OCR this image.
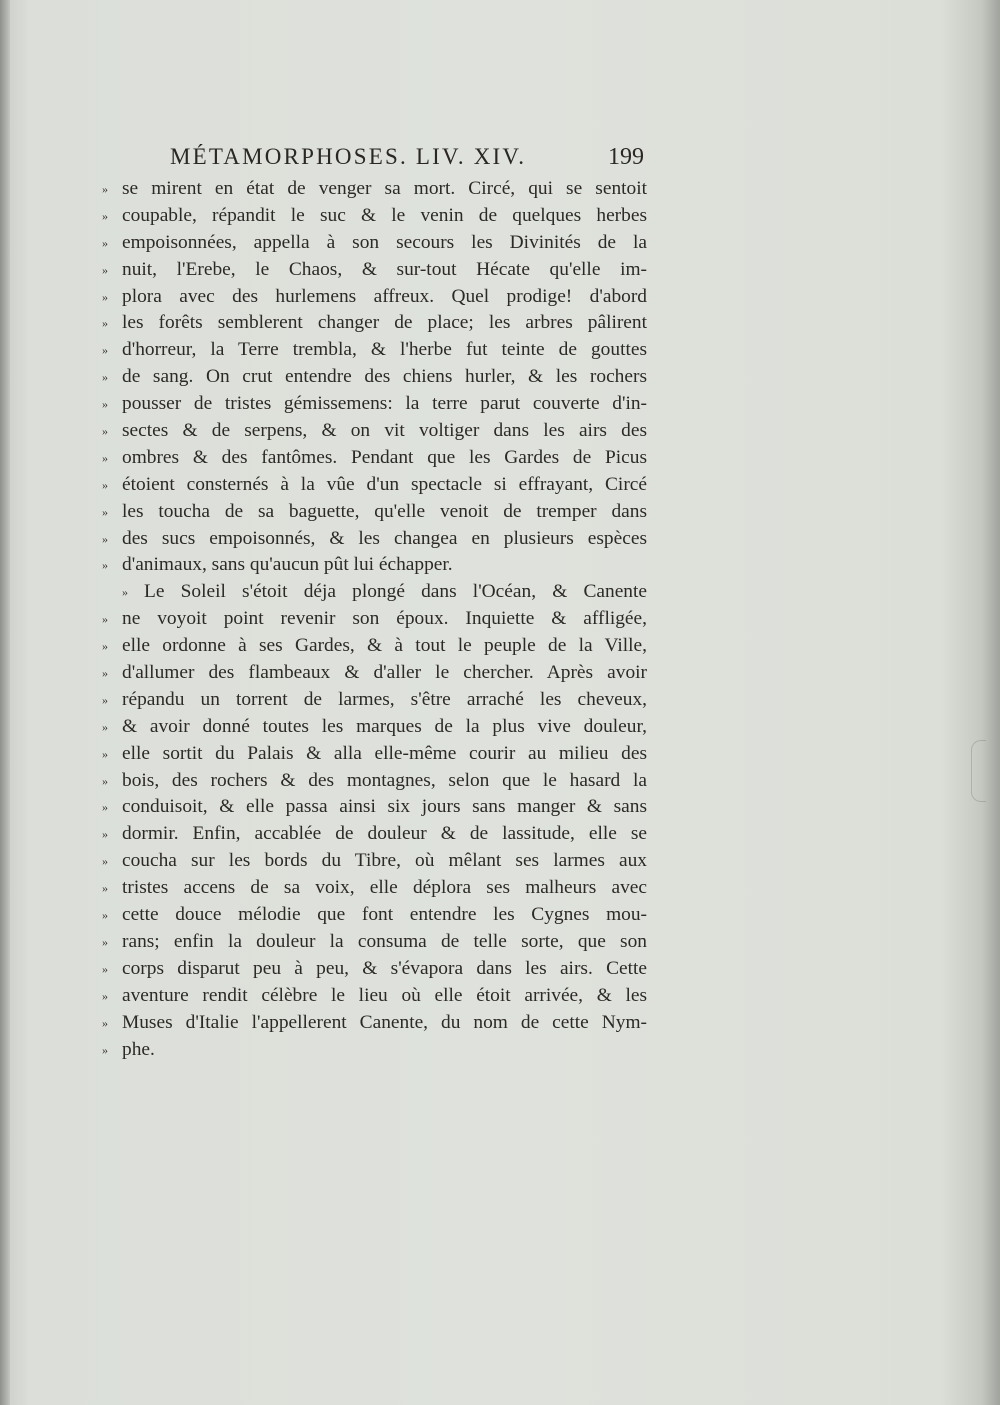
MÉTAMORPHOSES. LIV. XIV.	199
» se mirent en état de venger sa mort. Circé, qui se sentoit
» coupable, répandit le suc & le venin de quelques herbes
» empoisonnées, appella à son secours les Divinités de la
» nuit, l'Erebe, le Chaos, & sur-tout Hécate qu'elle im-
» plora avec des hurlemens affreux. Quel prodige! d'abord
» les forêts semblerent changer de place; les arbres pâlirent
» d'horreur, la Terre trembla, & l'herbe fut teinte de gouttes
» de sang. On crut entendre des chiens hurler, & les rochers
» pousser de tristes gémissemens: la terre parut couverte d'in-
» sectes & de serpens, & on vit voltiger dans les airs des
» ombres & des fantômes. Pendant que les Gardes de Picus
» étoient consternés à la vûe d'un spectacle si effrayant, Circé
» les toucha de sa baguette, qu'elle venoit de tremper dans
» des sucs empoisonnés, & les changea en plusieurs espèces
» d'animaux, sans qu'aucun pût lui échapper.
» Le Soleil s'étoit déja plongé dans l'Océan, & Canente
» ne voyoit point revenir son époux. Inquiette & affligée,
» elle ordonne à ses Gardes, & à tout le peuple de la Ville,
» d'allumer des flambeaux & d'aller le chercher. Après avoir
» répandu un torrent de larmes, s'être arraché les cheveux,
» & avoir donné toutes les marques de la plus vive douleur,
» elle sortit du Palais & alla elle-même courir au milieu des
» bois, des rochers & des montagnes, selon que le hasard la
» conduisoit, & elle passa ainsi six jours sans manger & sans
» dormir. Enfin, accablée de douleur & de lassitude, elle se
» coucha sur les bords du Tibre, où mêlant ses larmes aux
» tristes accens de sa voix, elle déplora ses malheurs avec
» cette douce mélodie que font entendre les Cygnes mou-
» rans; enfin la douleur la consuma de telle sorte, que son
» corps disparut peu à peu, & s'évapora dans les airs. Cette
» aventure rendit célèbre le lieu où elle étoit arrivée, & les
» Muses d'Italie l'appellerent Canente, du nom de cette Nym-
» phe.
